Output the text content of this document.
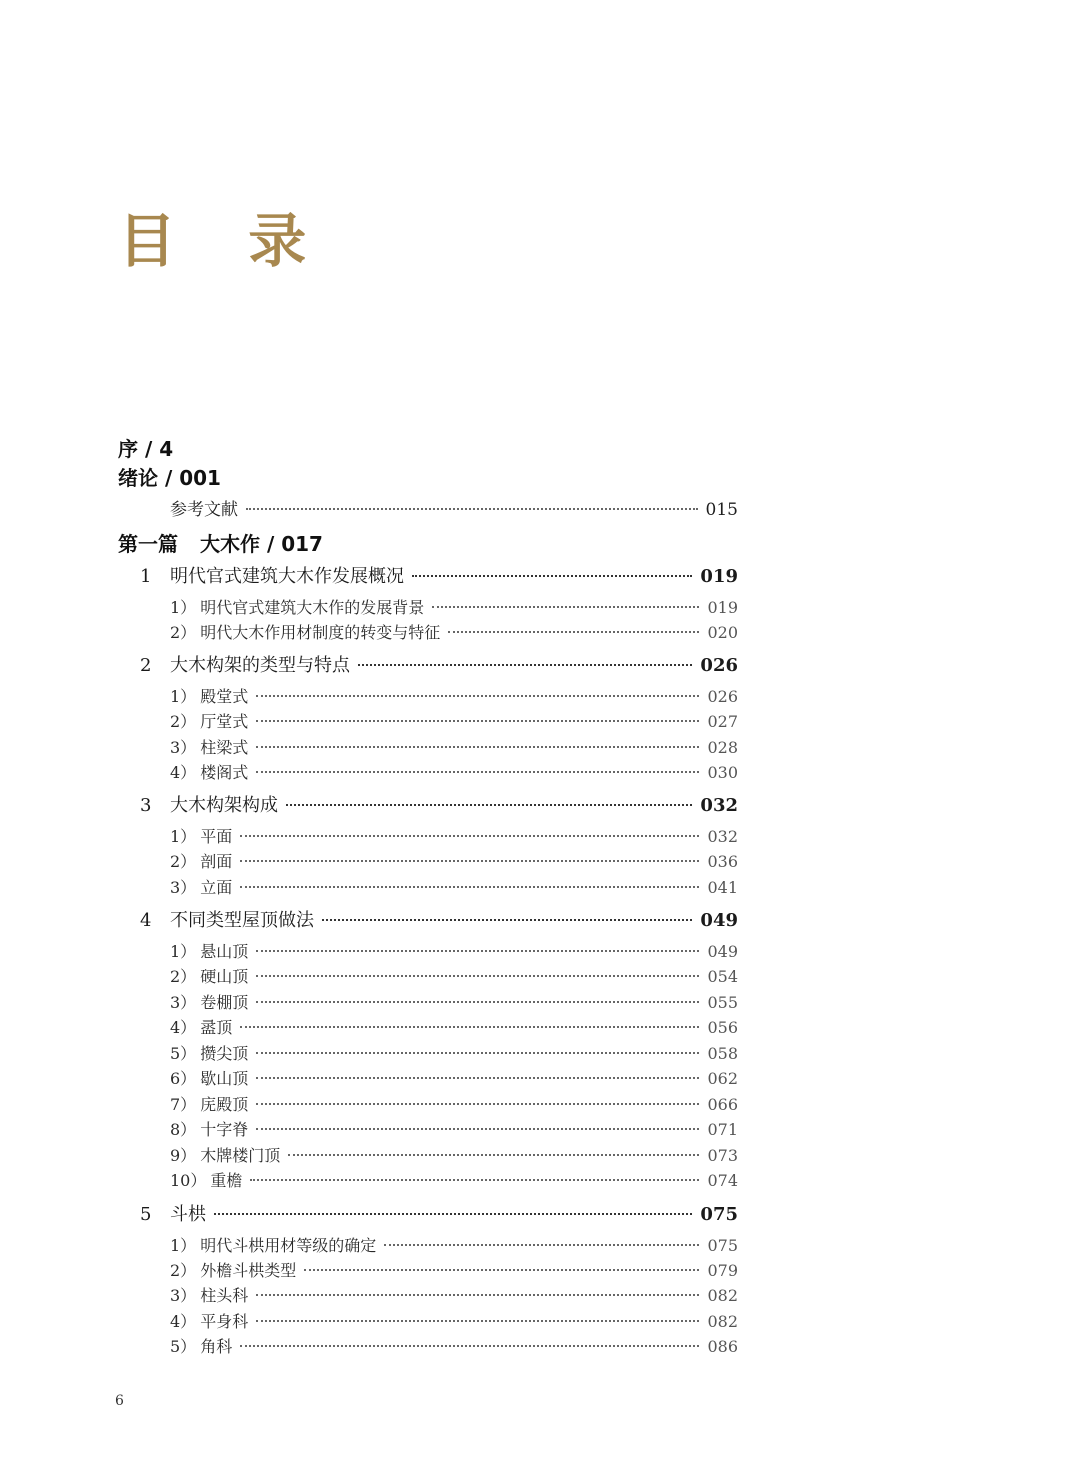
目 录
序 / 4
绪论 / 001
参考文献	015
第一篇 大木作 / 017
1	明代官式建筑大木作发展概况	019
1） 明代官式建筑大木作的发展背景	019
2） 明代大木作用材制度的转变与特征	020
2	大木构架的类型与特点	026
1） 殿堂式	026
2） 厅堂式	027
3） 柱梁式	028
4） 楼阁式	030
3	大木构架构成	032
1） 平面	032
2） 剖面	036
3） 立面	041
4	不同类型屋顶做法	049
1） 悬山顶	049
2） 硬山顶	054
3） 卷棚顶	055
4） 盝顶	056
5） 攒尖顶	058
6） 歇山顶	062
7） 庑殿顶	066
8） 十字脊	071
9） 木牌楼门顶	073
10） 重檐	074
5	斗栱	075
1） 明代斗栱用材等级的确定	075
2） 外檐斗栱类型	079
3） 柱头科	082
4） 平身科	082
5） 角科	086
6
